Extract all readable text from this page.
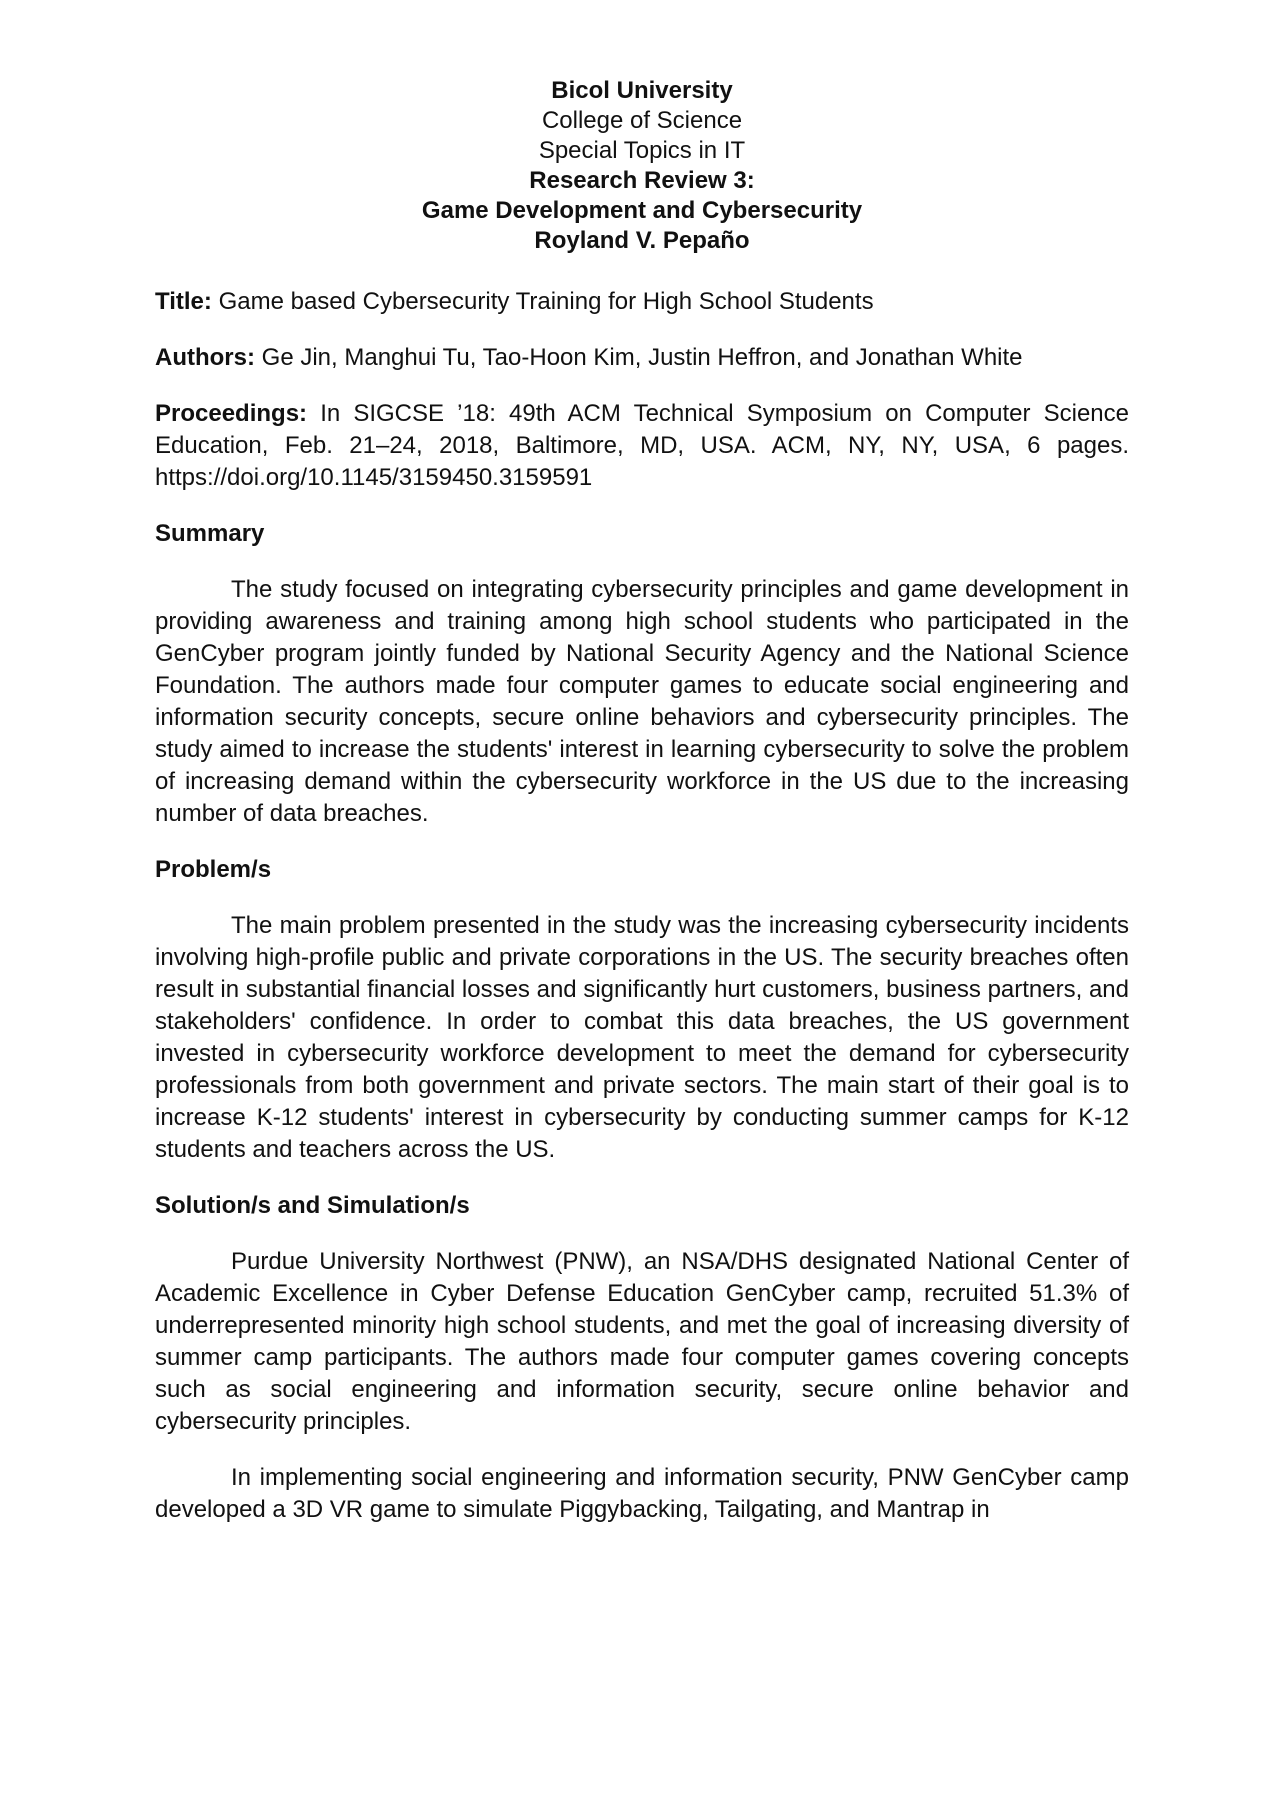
Bicol University
College of Science
Special Topics in IT
Research Review 3:
Game Development and Cybersecurity
Royland V. Pepaño

Title: Game based Cybersecurity Training for High School Students

Authors: Ge Jin, Manghui Tu, Tao-Hoon Kim, Justin Heffron, and Jonathan White

Proceedings: In SIGCSE ’18: 49th ACM Technical Symposium on Computer Science Education, Feb. 21–24, 2018, Baltimore, MD, USA. ACM, NY, NY, USA, 6 pages. https://doi.org/10.1145/3159450.3159591

Summary

The study focused on integrating cybersecurity principles and game development in providing awareness and training among high school students who participated in the GenCyber program jointly funded by National Security Agency and the National Science Foundation. The authors made four computer games to educate social engineering and information security concepts, secure online behaviors and cybersecurity principles. The study aimed to increase the students' interest in learning cybersecurity to solve the problem of increasing demand within the cybersecurity workforce in the US due to the increasing number of data breaches.

Problem/s

The main problem presented in the study was the increasing cybersecurity incidents involving high-profile public and private corporations in the US. The security breaches often result in substantial financial losses and significantly hurt customers, business partners, and stakeholders' confidence. In order to combat this data breaches, the US government invested in cybersecurity workforce development to meet the demand for cybersecurity professionals from both government and private sectors. The main start of their goal is to increase K-12 students' interest in cybersecurity by conducting summer camps for K-12 students and teachers across the US.

Solution/s and Simulation/s

Purdue University Northwest (PNW), an NSA/DHS designated National Center of Academic Excellence in Cyber Defense Education GenCyber camp, recruited 51.3% of underrepresented minority high school students, and met the goal of increasing diversity of summer camp participants. The authors made four computer games covering concepts such as social engineering and information security, secure online behavior and cybersecurity principles.

In implementing social engineering and information security, PNW GenCyber camp developed a 3D VR game to simulate Piggybacking, Tailgating, and Mantrap in
